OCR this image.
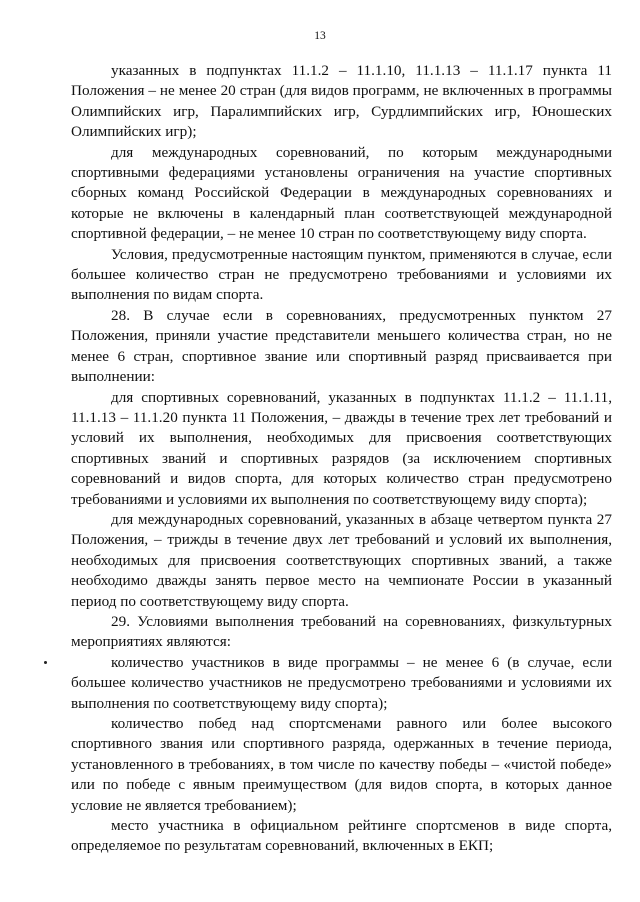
13

указанных в подпунктах 11.1.2 – 11.1.10, 11.1.13 – 11.1.17 пункта 11 Положения – не менее 20 стран (для видов программ, не включенных в программы Олимпийских игр, Паралимпийских игр, Сурдлимпийских игр, Юношеских Олимпийских игр);

для международных соревнований, по которым международными спортивными федерациями установлены ограничения на участие спортивных сборных команд Российской Федерации в международных соревнованиях и которые не включены в календарный план соответствующей международной спортивной федерации, – не менее 10 стран по соответствующему виду спорта.

Условия, предусмотренные настоящим пунктом, применяются в случае, если большее количество стран не предусмотрено требованиями и условиями их выполнения по видам спорта.

28. В случае если в соревнованиях, предусмотренных пунктом 27 Положения, приняли участие представители меньшего количества стран, но не менее 6 стран, спортивное звание или спортивный разряд присваивается при выполнении:

для спортивных соревнований, указанных в подпунктах 11.1.2 – 11.1.11, 11.1.13 – 11.1.20 пункта 11 Положения, – дважды в течение трех лет требований и условий их выполнения, необходимых для присвоения соответствующих спортивных званий и спортивных разрядов (за исключением спортивных соревнований и видов спорта, для которых количество стран предусмотрено требованиями и условиями их выполнения по соответствующему виду спорта);

для международных соревнований, указанных в абзаце четвертом пункта 27 Положения, – трижды в течение двух лет требований и условий их выполнения, необходимых для присвоения соответствующих спортивных званий, а также необходимо дважды занять первое место на чемпионате России в указанный период по соответствующему виду спорта.

29. Условиями выполнения требований на соревнованиях, физкультурных мероприятиях являются:

количество участников в виде программы – не менее 6 (в случае, если большее количество участников не предусмотрено требованиями и условиями их выполнения по соответствующему виду спорта);

количество побед над спортсменами равного или более высокого спортивного звания или спортивного разряда, одержанных в течение периода, установленного в требованиях, в том числе по качеству победы – «чистой победе» или по победе с явным преимуществом (для видов спорта, в которых данное условие не является требованием);

место участника в официальном рейтинге спортсменов в виде спорта, определяемое по результатам соревнований, включенных в ЕКП;
